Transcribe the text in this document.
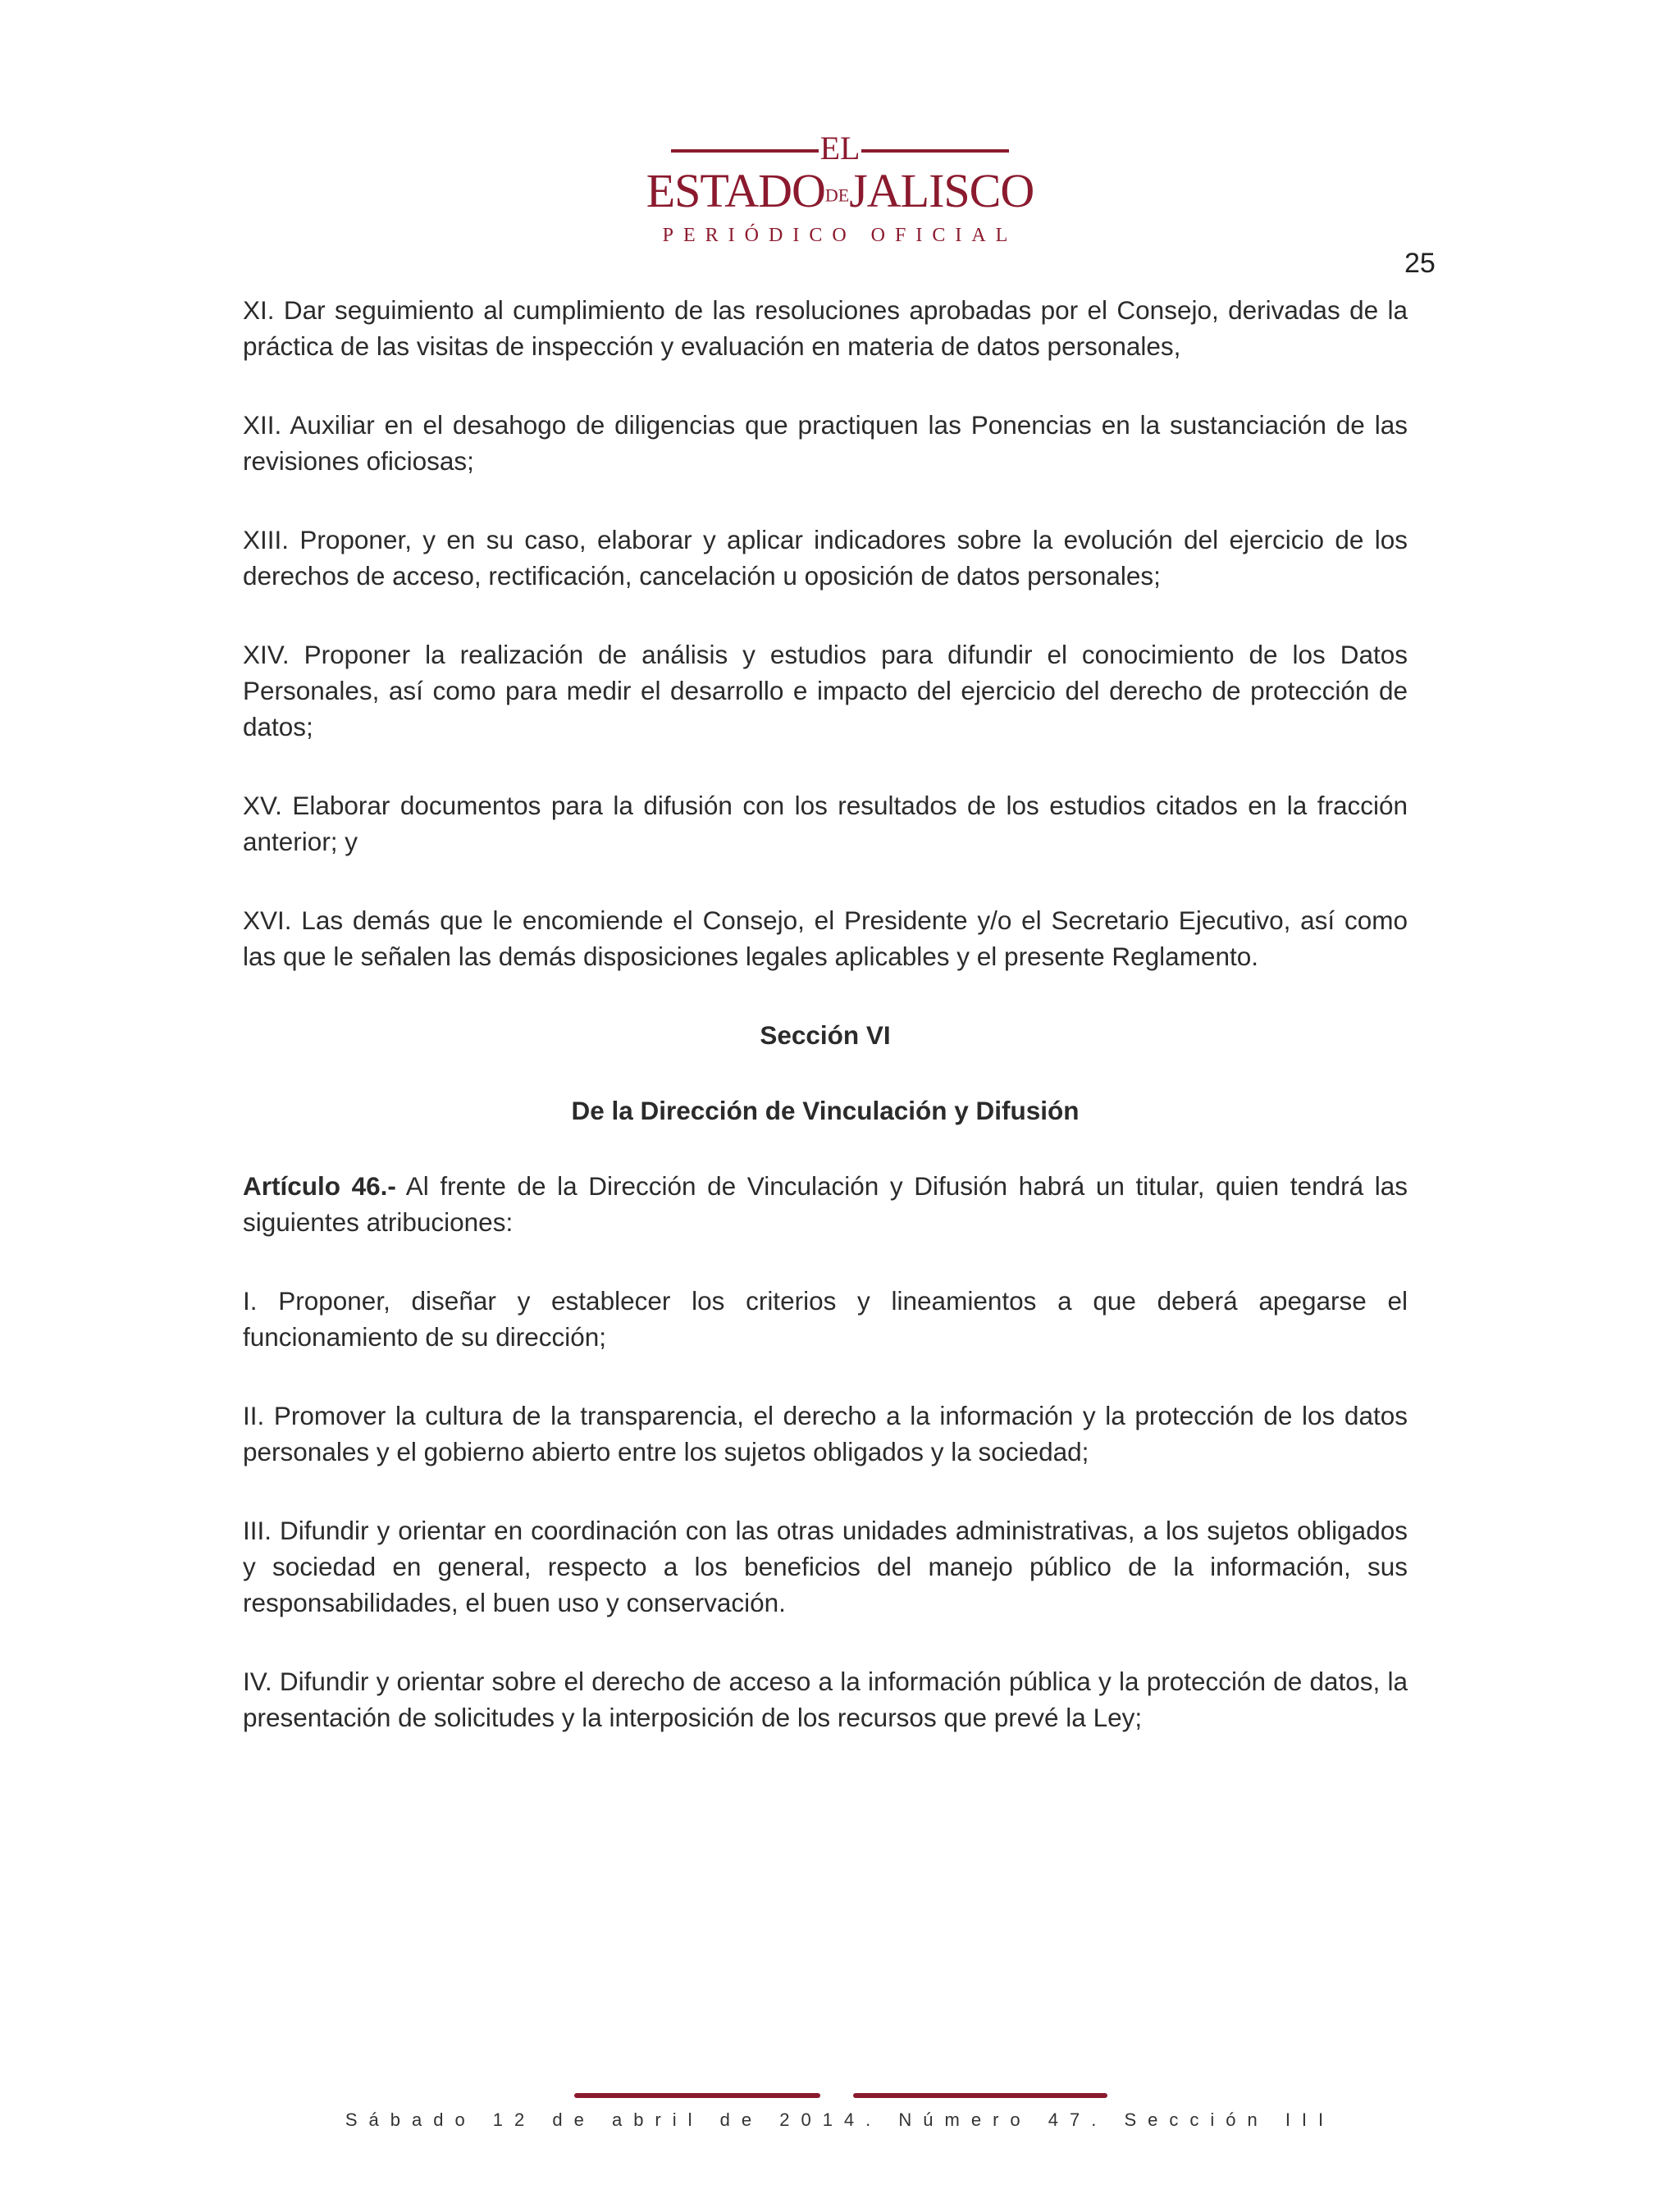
EL
ESTADODEJALISCO
PERIÓDICO OFICIAL
25

XI. Dar seguimiento al cumplimiento de las resoluciones aprobadas por el Consejo, derivadas de la práctica de las visitas de inspección y evaluación en materia de datos personales,

XII. Auxiliar en el desahogo de diligencias que practiquen las Ponencias en la sustanciación de las revisiones oficiosas;

XIII. Proponer, y en su caso, elaborar y aplicar indicadores sobre la evolución del ejercicio de los derechos de acceso, rectificación, cancelación u oposición de datos personales;

XIV. Proponer la realización de análisis y estudios para difundir el conocimiento de los Datos Personales, así como para medir el desarrollo e impacto del ejercicio del derecho de protección de datos;

XV. Elaborar documentos para la difusión con los resultados de los estudios citados en la fracción anterior; y

XVI. Las demás que le encomiende el Consejo, el Presidente y/o el Secretario Ejecutivo, así como las que le señalen las demás disposiciones legales aplicables y el presente Reglamento.

Sección VI

De la Dirección de Vinculación y Difusión

Artículo 46.- Al frente de la Dirección de Vinculación y Difusión habrá un titular, quien tendrá las siguientes atribuciones:

I. Proponer, diseñar y establecer los criterios y lineamientos a que deberá apegarse el funcionamiento de su dirección;

II. Promover la cultura de la transparencia, el derecho a la información y la protección de los datos personales y el gobierno abierto entre los sujetos obligados y la sociedad;

III. Difundir y orientar en coordinación con las otras unidades administrativas, a los sujetos obligados y sociedad en general, respecto a los beneficios del manejo público de la información, sus responsabilidades, el buen uso y conservación.

IV. Difundir y orientar sobre el derecho de acceso a la información pública y la protección de datos, la presentación de solicitudes y la interposición de los recursos que prevé la Ley;

Sábado 12 de abril de 2014. Número 47. Sección III
